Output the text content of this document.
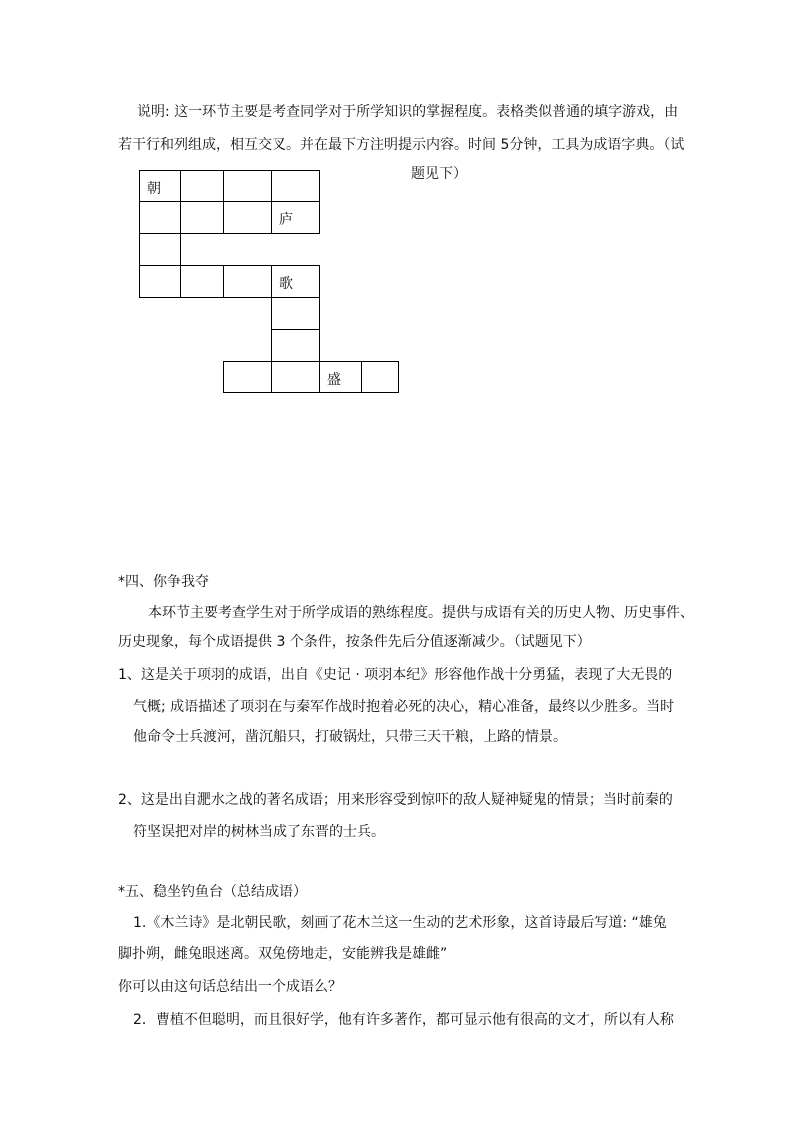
说明: 这一环节主要是考查同学对于所学知识的掌握程度。表格类似普通的填字游戏，由
若干行和列组成，相互交叉。并在最下方注明提示内容。时间 5分钟，工具为成语字典。（试
题见下）
朝
庐
歌
盛
*四、你争我夺
本环节主要考查学生对于所学成语的熟练程度。提供与成语有关的历史人物、历史事件、
历史现象，每个成语提供 3 个条件，按条件先后分值逐渐减少。（试题见下）
1、这是关于项羽的成语，出自《史记 · 项羽本纪》形容他作战十分勇猛，表现了大无畏的
气概; 成语描述了项羽在与秦军作战时抱着必死的决心，精心准备，最终以少胜多。当时
他命令士兵渡河，凿沉船只，打破锅灶，只带三天干粮，上路的情景。
2、这是出自淝水之战的著名成语；用来形容受到惊吓的敌人疑神疑鬼的情景；当时前秦的
符坚误把对岸的树林当成了东晋的士兵。
*五、稳坐钓鱼台（总结成语）
1.《木兰诗》是北朝民歌，刻画了花木兰这一生动的艺术形象，这首诗最后写道: “雄兔
脚扑朔，雌兔眼迷离。双兔傍地走，安能辨我是雄雌”
你可以由这句话总结出一个成语么？
2．曹植不但聪明，而且很好学，他有许多著作，都可显示他有很高的文才，所以有人称
